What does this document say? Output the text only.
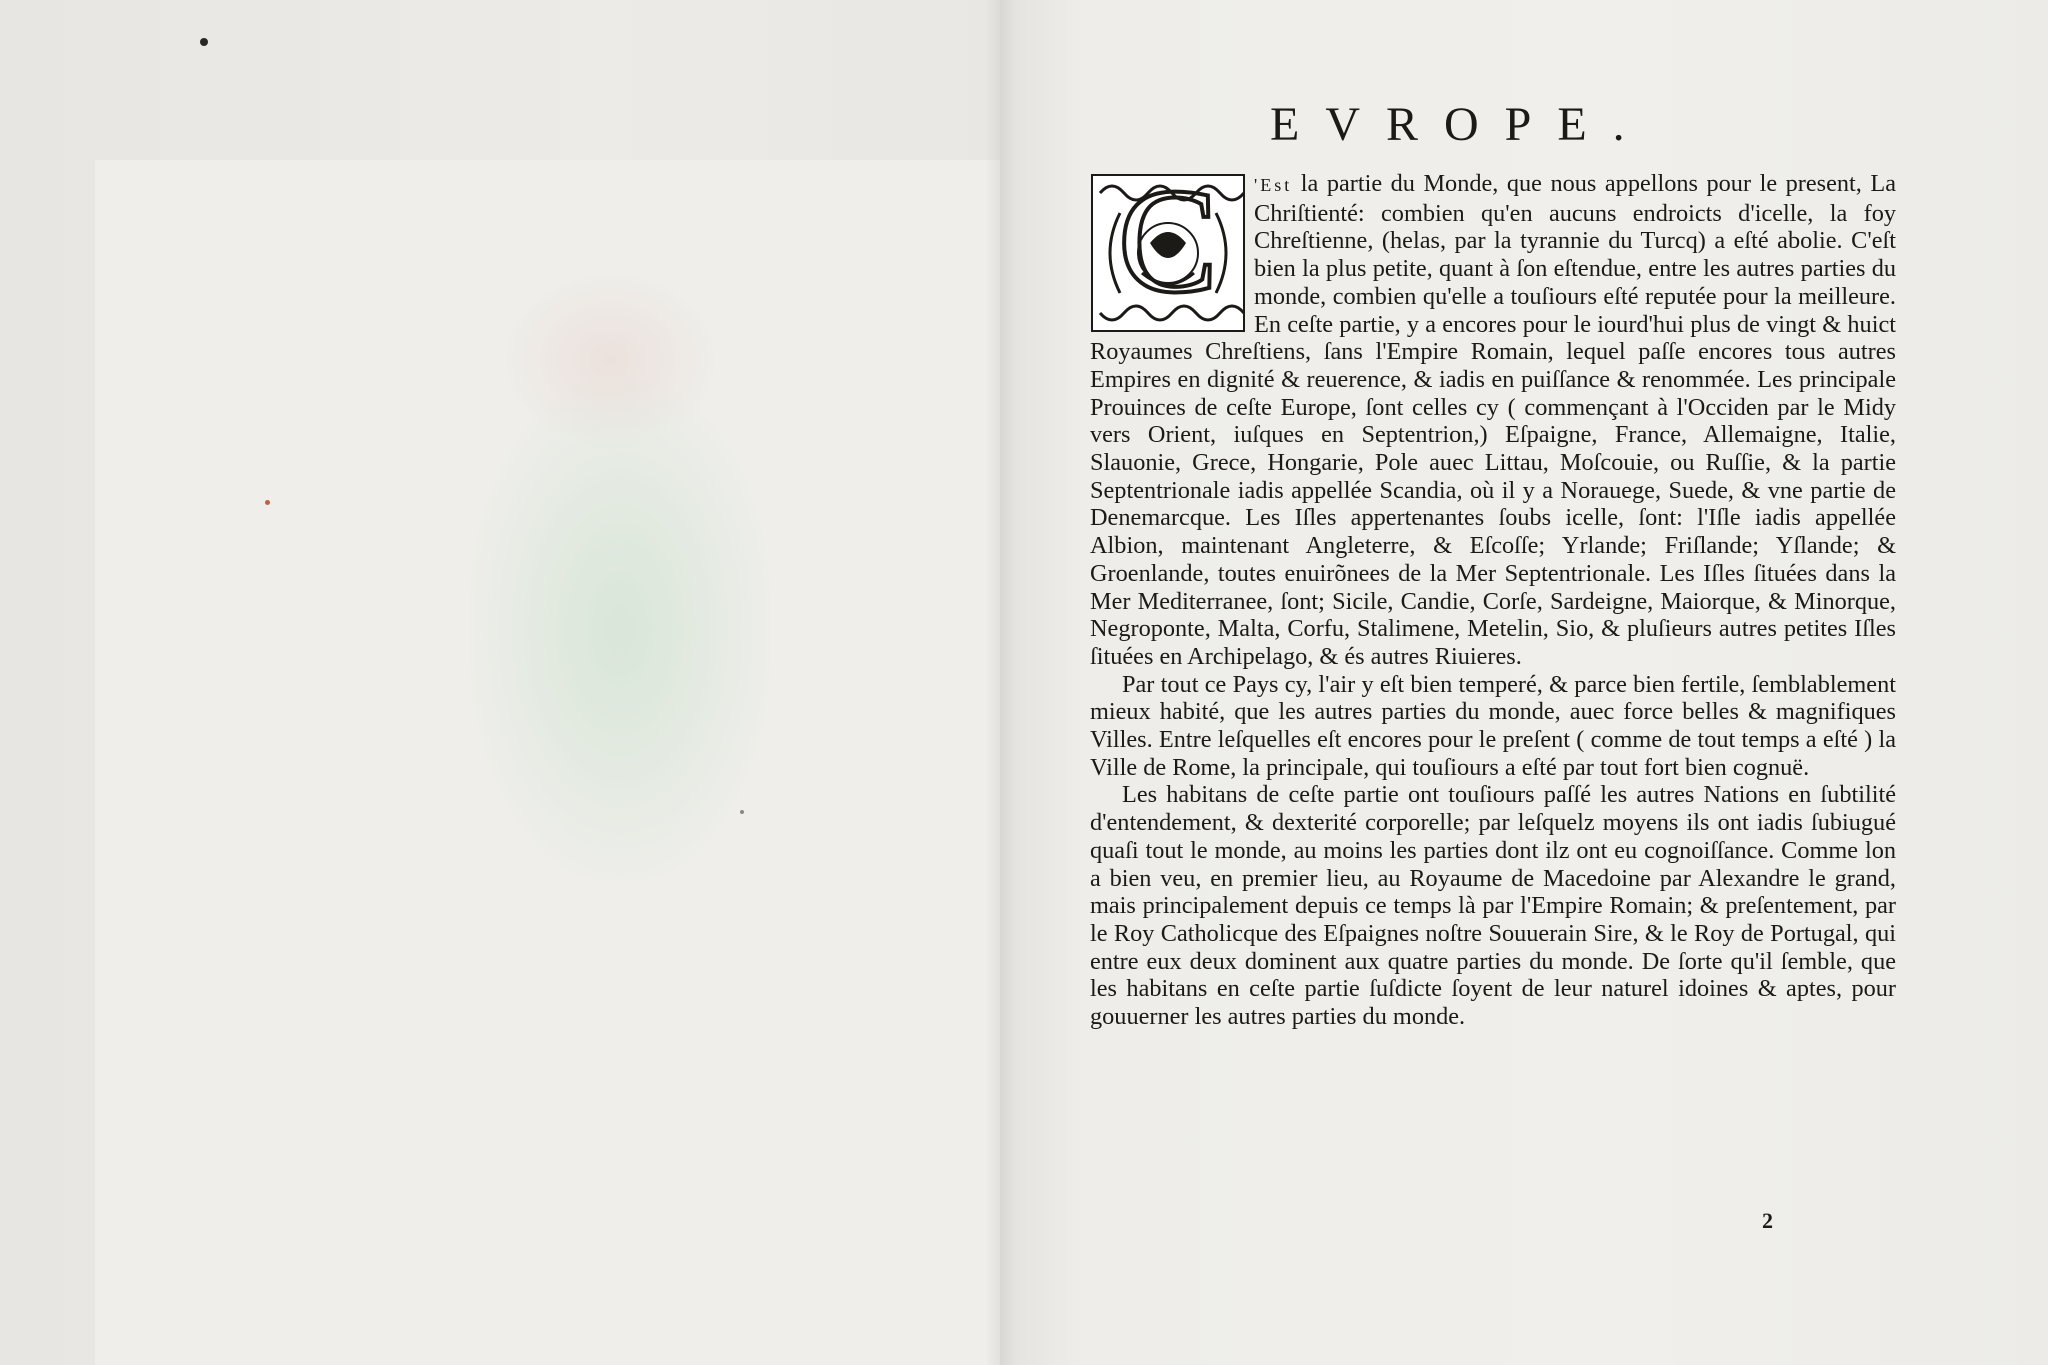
EVROPE.
C	'Est la partie du Monde, que nous appellons pour le present, La Chriſtienté: combien qu'en aucuns endroicts d'icelle, la foy Chreſtienne, (helas, par la tyrannie du Turcq) a eſté abolie. C'eſt bien la plus petite, quant à ſon eſtendue, entre les autres parties du monde, combien qu'elle a touſiours eſté reputée pour la meilleure. En ceſte partie, y a encores pour le iourd'hui plus de vingt & huict Royaumes Chreſtiens, ſans l'Empire Romain, lequel paſſe encores tous autres Empires en dignité & reuerence, & iadis en puiſſance & renommée. Les principale Prouinces de ceſte Europe, ſont celles cy ( commençant à l'Occiden par le Midy vers Orient, iuſques en Septentrion,) Eſpaigne, France, Allemaigne, Italie, Slauonie, Grece, Hongarie, Pole auec Littau, Moſcouie, ou Ruſſie, & la partie Septentrionale iadis appellée Scandia, où il y a Norauege, Suede, & vne partie de Denemarcque. Les Iſles appertenantes ſoubs icelle, ſont: l'Iſle iadis appellée Albion, maintenant Angleterre, & Eſcoſſe; Yrlande; Friſlande; Yſlande; & Groenlande, toutes enuirõnees de la Mer Septentrionale. Les Iſles ſituées dans la Mer Mediterranee, ſont; Sicile, Candie, Corſe, Sardeigne, Maiorque, & Minorque, Negroponte, Malta, Corfu, Stalimene, Metelin, Sio, & pluſieurs autres petites Iſles ſituées en Archipelago, & és autres Riuieres.

Par tout ce Pays cy, l'air y eſt bien temperé, & parce bien fertile, ſemblablement mieux habité, que les autres parties du monde, auec force belles & magnifiques Villes. Entre leſquelles eſt encores pour le preſent ( comme de tout temps a eſté ) la Ville de Rome, la principale, qui touſiours a eſté par tout fort bien cognuë.

Les habitans de ceſte partie ont touſiours paſſé les autres Nations en ſubtilité d'entendement, & dexterité corporelle; par leſquelz moyens ils ont iadis ſubiugué quaſi tout le monde, au moins les parties dont ilz ont eu cognoiſſance. Comme lon a bien veu, en premier lieu, au Royaume de Macedoine par Alexandre le grand, mais principalement depuis ce temps là par l'Empire Romain; & preſentement, par le Roy Catholicque des Eſpaignes noſtre Souuerain Sire, & le Roy de Portugal, qui entre eux deux dominent aux quatre parties du monde. De ſorte qu'il ſemble, que les habitans en ceſte partie ſuſdicte ſoyent de leur naturel idoines & aptes, pour gouuerner les autres parties du monde.

2
